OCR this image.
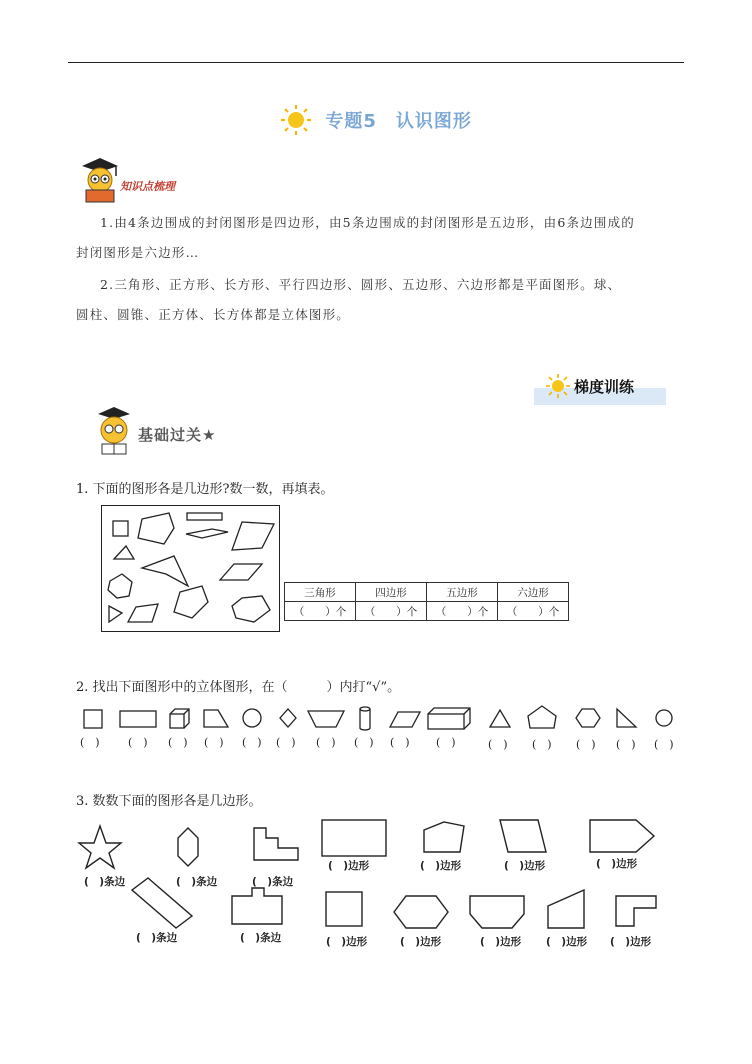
专题5　认识图形
知识点梳理
1.由4条边围成的封闭图形是四边形，由5条边围成的封闭图形是五边形，由6条边围成的
封闭图形是六边形…
2.三角形、正方形、长方形、平行四边形、圆形、五边形、六边形都是平面图形。球、
圆柱、圆锥、正方体、长方体都是立体图形。
梯度训练
基础过关★
1. 下面的图形各是几边形?数一数，再填表。
三角形	四边形	五边形	六边形
（　　）个	（　　）个	（　　）个	（　　）个
2. 找出下面图形中的立体图形，在（　　　）内打“√”。
(　)	(　) (　) (　) (　) (　) (　) (　) (　) (　)	(　) (　) (　) (　) (　)
3. 数数下面的图形各是几边形。
(　)条边	(　)条边	(　)条边
(　)边形	(　)边形	(　)边形	(　)边形
(　)条边	(　)条边	(　)边形	(　)边形	(　)边形 (　)边形 (　)边形
